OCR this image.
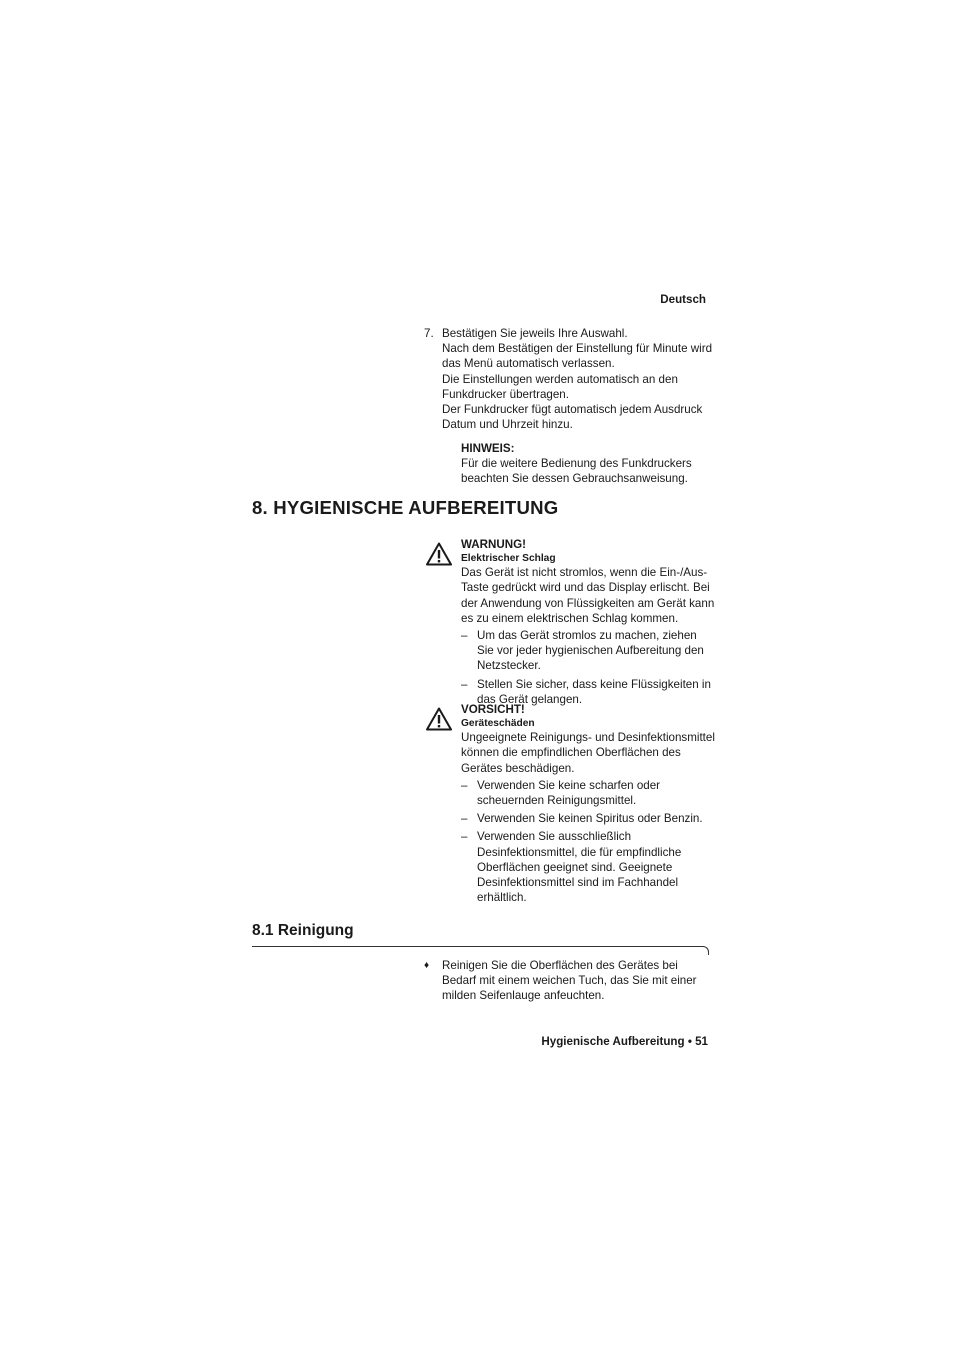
Deutsch
7. Bestätigen Sie jeweils Ihre Auswahl.

Nach dem Bestätigen der Einstellung für Minute wird das Menü automatisch verlassen.

Die Einstellungen werden automatisch an den Funkdrucker übertragen.

Der Funkdrucker fügt automatisch jedem Ausdruck Datum und Uhrzeit hinzu.

HINWEIS:

Für die weitere Bedienung des Funkdruckers beachten Sie dessen Gebrauchsanweisung.

8. HYGIENISCHE AUFBEREITUNG

WARNUNG!

Elektrischer Schlag

Das Gerät ist nicht stromlos, wenn die Ein-/Aus-Taste gedrückt wird und das Display erlischt. Bei der Anwendung von Flüssigkeiten am Gerät kann es zu einem elektrischen Schlag kommen.

– Um das Gerät stromlos zu machen, ziehen Sie vor jeder hygienischen Aufbereitung den Netzstecker.
– Stellen Sie sicher, dass keine Flüssigkeiten in das Gerät gelangen.

VORSICHT!

Geräteschäden

Ungeeignete Reinigungs- und Desinfektionsmittel können die empfindlichen Oberflächen des Gerätes beschädigen.

– Verwenden Sie keine scharfen oder scheuernden Reinigungsmittel.
– Verwenden Sie keinen Spiritus oder Benzin.
– Verwenden Sie ausschließlich Desinfektionsmittel, die für empfindliche Oberflächen geeignet sind. Geeignete Desinfektionsmittel sind im Fachhandel erhältlich.
8.1 Reinigung
♦ Reinigen Sie die Oberflächen des Gerätes bei Bedarf mit einem weichen Tuch, das Sie mit einer milden Seifenlauge anfeuchten.
Hygienische Aufbereitung • 51
